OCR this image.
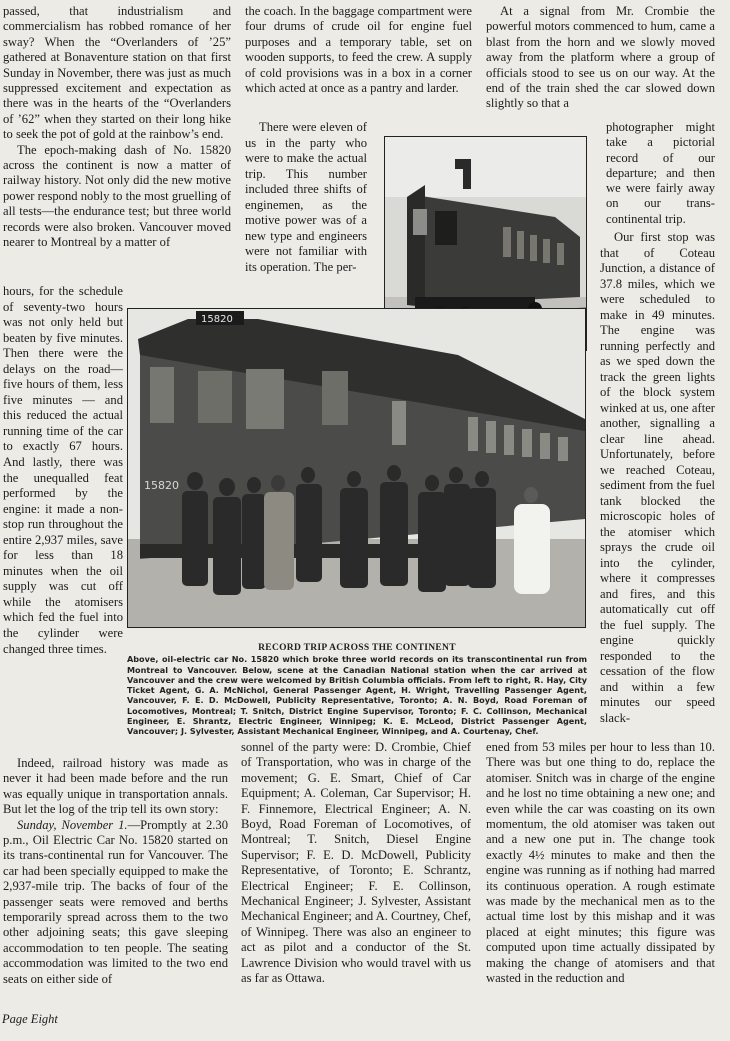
passed, that industrialism and commercialism has robbed romance of her sway? When the “Overlanders of ’25” gathered at Bonaventure station on that first Sunday in November, there was just as much suppressed excitement and expectation as there was in the hearts of the “Overlanders of ’62” when they started on their long hike to seek the pot of gold at the rainbow’s end.

The epoch-making dash of No. 15820 across the continent is now a matter of railway history. Not only did the new motive power respond nobly to the most gruelling of all tests—the endurance test; but three world records were also broken. Vancouver moved nearer to Montreal by a matter of

hours, for the schedule of seventy-two hours was not only held but beaten by five minutes. Then there were the delays on the road—five hours of them, less five minutes — and this reduced the actual running time of the car to exactly 67 hours. And lastly, there was the unequalled feat performed by the engine: it made a non-stop run throughout the entire 2,937 miles, save for less than 18 minutes when the oil supply was cut off while the atomisers which fed the fuel into the cylinder were changed three times.

Indeed, railroad history was made as never it had been made before and the run was equally unique in transportation annals. But let the log of the trip tell its own story:

Sunday, November 1.—Promptly at 2.30 p.m., Oil Electric Car No. 15820 started on its trans-continental run for Vancouver. The car had been specially equipped to make the 2,937-mile trip. The backs of four of the passenger seats were removed and berths temporarily spread across them to the two other adjoining seats; this gave sleeping accommodation to ten people. The seating accommodation was limited to the two end seats on either side of

the coach. In the baggage compartment were four drums of crude oil for engine fuel purposes and a temporary table, set on wooden supports, to feed the crew. A supply of cold provisions was in a box in a corner which acted at once as a pantry and larder.

There were eleven of us in the party who were to make the actual trip. This number included three shifts of enginemen, as the motive power was of a new type and engineers were not familiar with its operation. The per-

sonnel of the party were: D. Crombie, Chief of Transportation, who was in charge of the movement; G. E. Smart, Chief of Car Equipment; A. Coleman, Car Supervisor; H. F. Finnemore, Electrical Engineer; A. N. Boyd, Road Foreman of Locomotives, of Montreal; T. Snitch, Diesel Engine Supervisor; F. E. D. McDowell, Publicity Representative, of Toronto; E. Schrantz, Electrical Engineer; F. E. Collinson, Mechanical Engineer; J. Sylvester, Assistant Mechanical Engineer; and A. Courtney, Chef, of Winnipeg. There was also an engineer to act as pilot and a conductor of the St. Lawrence Division who would travel with us as far as Ottawa.

At a signal from Mr. Crombie the powerful motors commenced to hum, came a blast from the horn and we slowly moved away from the platform where a group of officials stood to see us on our way. At the end of the train shed the car slowed down slightly so that a

photographer might take a pictorial record of our departure; and then we were fairly away on our trans-continental trip.

Our first stop was that of Coteau Junction, a distance of 37.8 miles, which we were scheduled to make in 49 minutes. The engine was running perfectly and as we sped down the track the green lights of the block system winked at us, one after another, signalling a clear line ahead. Unfortunately, before we reached Coteau, sediment from the fuel tank blocked the microscopic holes of the atomiser which sprays the crude oil into the cylinder, where it compresses and fires, and this automatically cut off the fuel supply. The engine quickly responded to the cessation of the flow and within a few minutes our speed slack-

ened from 53 miles per hour to less than 10. There was but one thing to do, replace the atomiser. Snitch was in charge of the engine and he lost no time obtaining a new one; and even while the car was coasting on its own momentum, the old atomiser was taken out and a new one put in. The change took exactly 4½ minutes to make and then the engine was running as if nothing had marred its continuous operation. A rough estimate was made by the mechanical men as to the actual time lost by this mishap and it was placed at eight minutes; this figure was computed upon time actually dissipated by making the change of atomisers and that wasted in the reduction and

15820
15820
RECORD TRIP ACROSS THE CONTINENT
Above, oil-electric car No. 15820 which broke three world records on its transcontinental run from Montreal to Vancouver. Below, scene at the Canadian National station when the car arrived at Vancouver and the crew were welcomed by British Columbia officials. From left to right, R. Hay, City Ticket Agent, G. A. McNichol, General Passenger Agent, H. Wright, Travelling Passenger Agent, Vancouver, F. E. D. McDowell, Publicity Representative, Toronto; A. N. Boyd, Road Foreman of Locomotives, Montreal; T. Snitch, District Engine Supervisor, Toronto; F. C. Collinson, Mechanical Engineer, E. Shrantz, Electric Engineer, Winnipeg; K. E. McLeod, District Passenger Agent, Vancouver; J. Sylvester, Assistant Mechanical Engineer, Winnipeg, and A. Courtenay, Chef.
Page Eight
